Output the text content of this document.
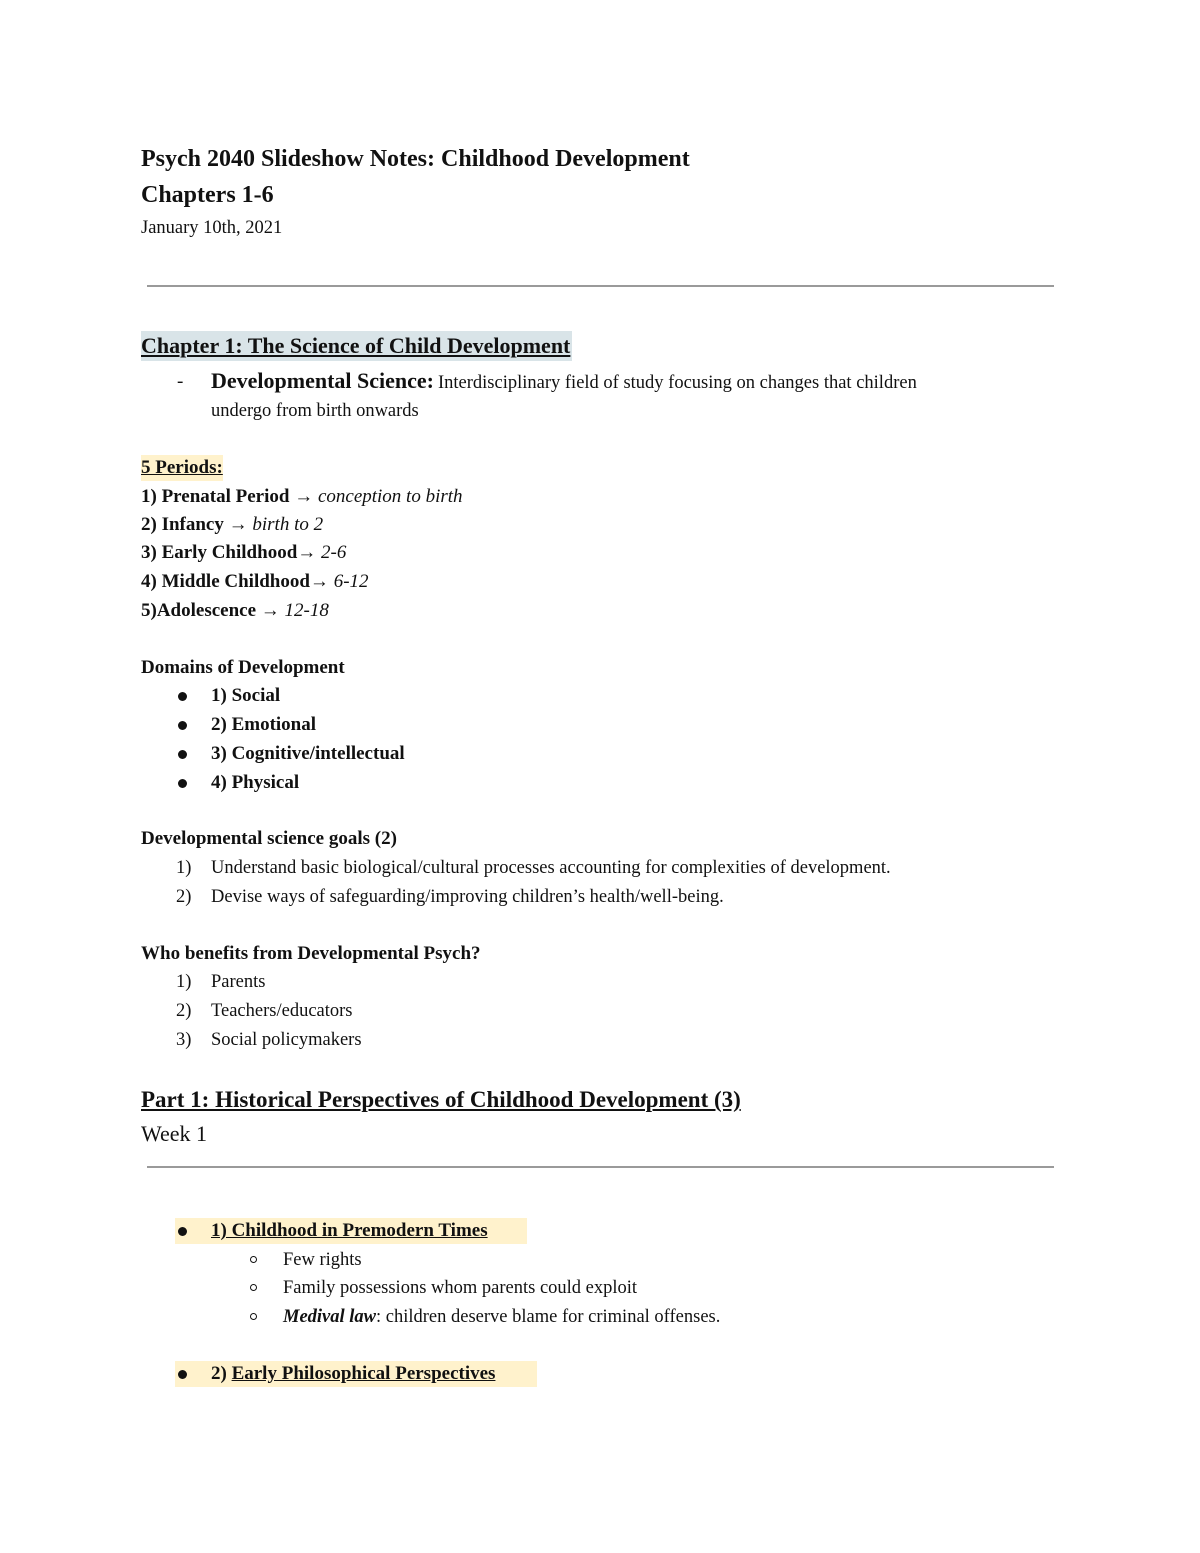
Psych 2040 Slideshow Notes: Childhood Development
Chapters 1-6
January 10th, 2021
Chapter 1: The Science of Child Development
- Developmental Science: Interdisciplinary field of study focusing on changes that children
undergo from birth onwards
5 Periods:
1) Prenatal Period → conception to birth
2) Infancy → birth to 2
3) Early Childhood→ 2-6
4) Middle Childhood→ 6-12
5)Adolescence → 12-18
Domains of Development
1) Social
2) Emotional
3) Cognitive/intellectual
4) Physical
Developmental science goals (2)
1) Understand basic biological/cultural processes accounting for complexities of development.
2) Devise ways of safeguarding/improving children’s health/well-being.
Who benefits from Developmental Psych?
1) Parents
2) Teachers/educators
3) Social policymakers
Part 1: Historical Perspectives of Childhood Development (3)
Week 1
1) Childhood in Premodern Times
Few rights
Family possessions whom parents could exploit
Medival law: children deserve blame for criminal offenses.
2) Early Philosophical Perspectives
